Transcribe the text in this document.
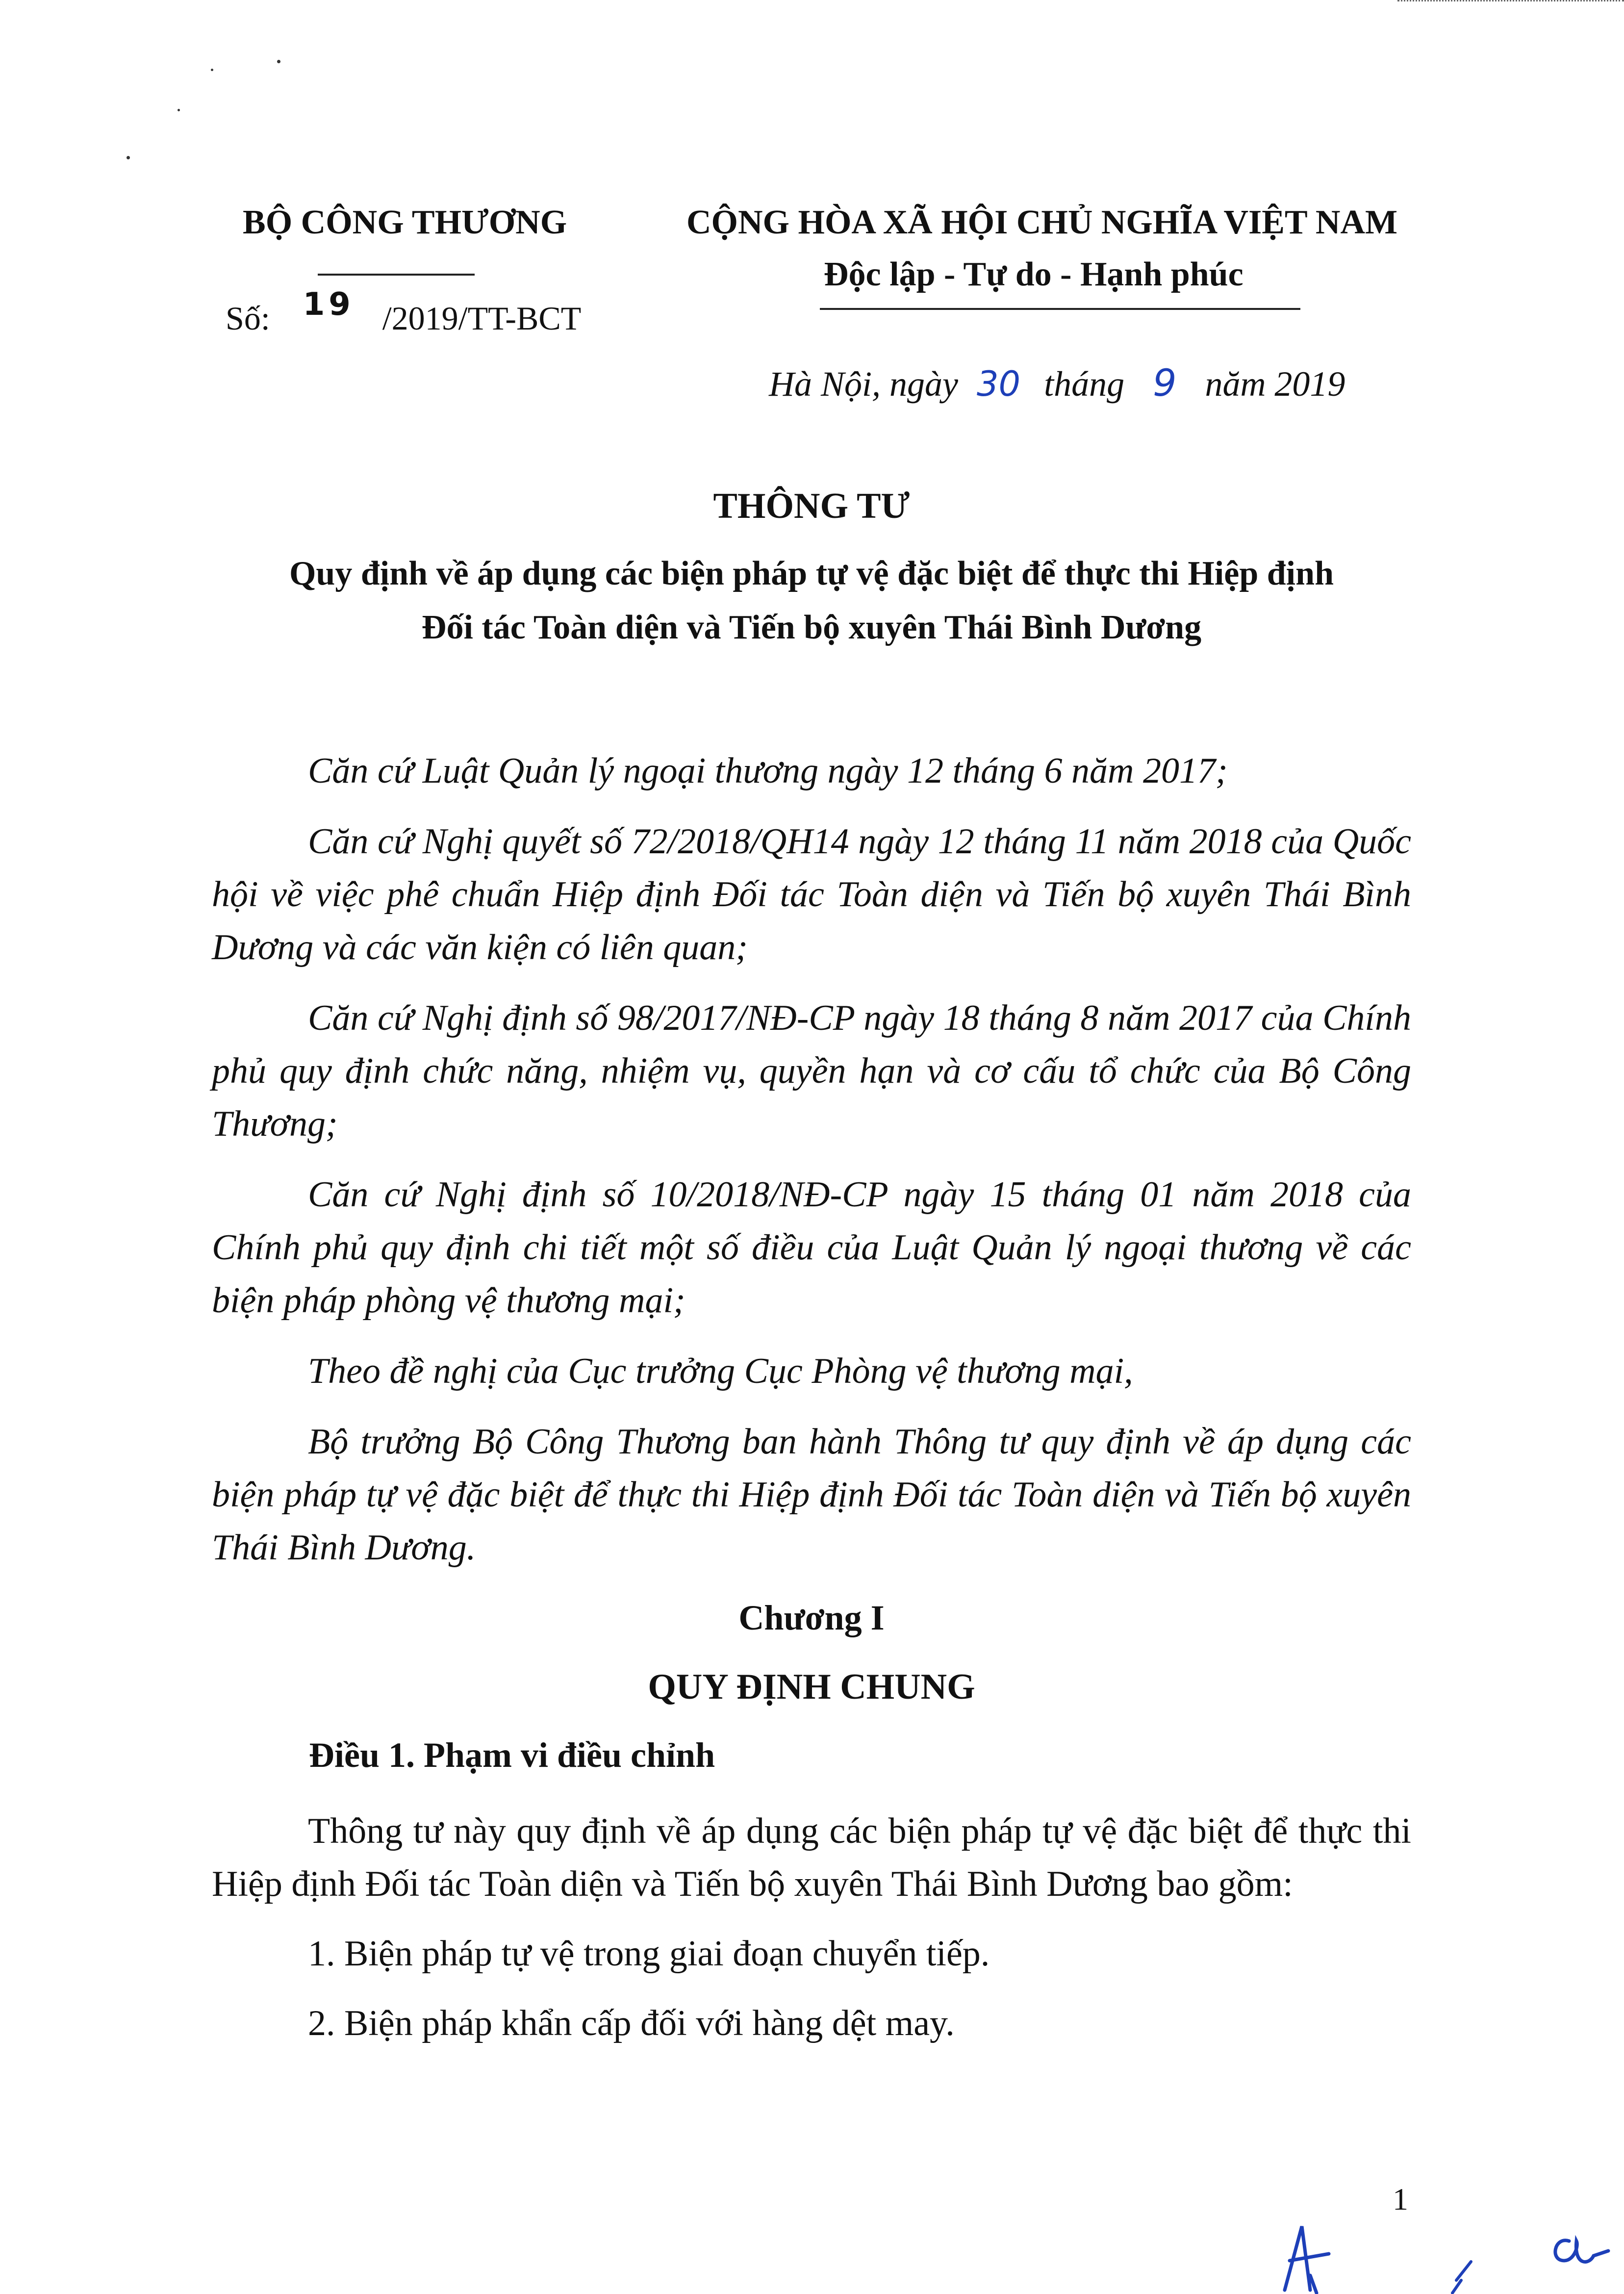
BỘ CÔNG THƯƠNG
Số: 19 /2019/TT-BCT
CỘNG HÒA XÃ HỘI CHỦ NGHĨA VIỆT NAM
Độc lập - Tự do - Hạnh phúc
Hà Nội, ngày 30 tháng 9 năm 2019
THÔNG TƯ
Quy định về áp dụng các biện pháp tự vệ đặc biệt để thực thi Hiệp định
Đối tác Toàn diện và Tiến bộ xuyên Thái Bình Dương
Căn cứ Luật Quản lý ngoại thương ngày 12 tháng 6 năm 2017;
Căn cứ Nghị quyết số 72/2018/QH14 ngày 12 tháng 11 năm 2018 của Quốc hội về việc phê chuẩn Hiệp định Đối tác Toàn diện và Tiến bộ xuyên Thái Bình Dương và các văn kiện có liên quan;
Căn cứ Nghị định số 98/2017/NĐ-CP ngày 18 tháng 8 năm 2017 của Chính phủ quy định chức năng, nhiệm vụ, quyền hạn và cơ cấu tổ chức của Bộ Công Thương;
Căn cứ Nghị định số 10/2018/NĐ-CP ngày 15 tháng 01 năm 2018 của Chính phủ quy định chi tiết một số điều của Luật Quản lý ngoại thương về các biện pháp phòng vệ thương mại;
Theo đề nghị của Cục trưởng Cục Phòng vệ thương mại,
Bộ trưởng Bộ Công Thương ban hành Thông tư quy định về áp dụng các biện pháp tự vệ đặc biệt để thực thi Hiệp định Đối tác Toàn diện và Tiến bộ xuyên Thái Bình Dương.
Chương I
QUY ĐỊNH CHUNG
Điều 1. Phạm vi điều chỉnh
Thông tư này quy định về áp dụng các biện pháp tự vệ đặc biệt để thực thi Hiệp định Đối tác Toàn diện và Tiến bộ xuyên Thái Bình Dương bao gồm:
1. Biện pháp tự vệ trong giai đoạn chuyển tiếp.
2. Biện pháp khẩn cấp đối với hàng dệt may.
1
